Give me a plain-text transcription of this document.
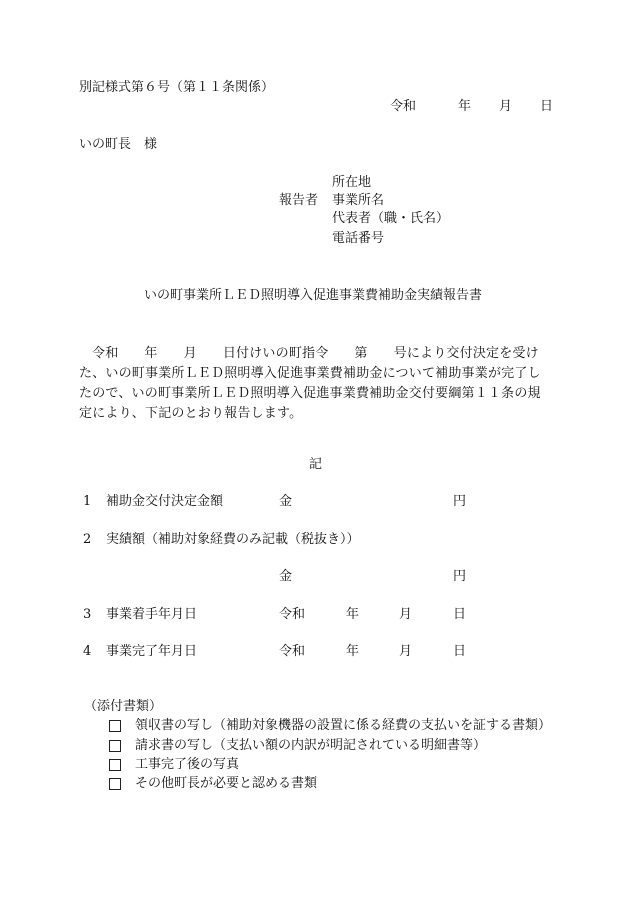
別記様式第６号（第１１条関係）
令和	年 月 日
いの町長　様
報告者
所在地
事業所名
代表者（職・氏名）
電話番号
いの町事業所ＬＥＤ照明導入促進事業費補助金実績報告書
令和 年 月 日付けいの町指令 第 号により交付決定を受け
た、いの町事業所ＬＥＤ照明導入促進事業費補助金について補助事業が完了し
たので、いの町事業所ＬＥＤ照明導入促進事業費補助金交付要綱第１１条の規
定により、下記のとおり報告します。
記
1 補助金交付決定金額	金	円
2 実績額（補助対象経費のみ記載（税抜き））
金	円
3 事業着手年月日	令和	年	月	日
4 事業完了年月日	令和	年	月	日
（添付書類）
領収書の写し（補助対象機器の設置に係る経費の支払いを証する書類）
請求書の写し（支払い額の内訳が明記されている明細書等）
工事完了後の写真
その他町長が必要と認める書類
